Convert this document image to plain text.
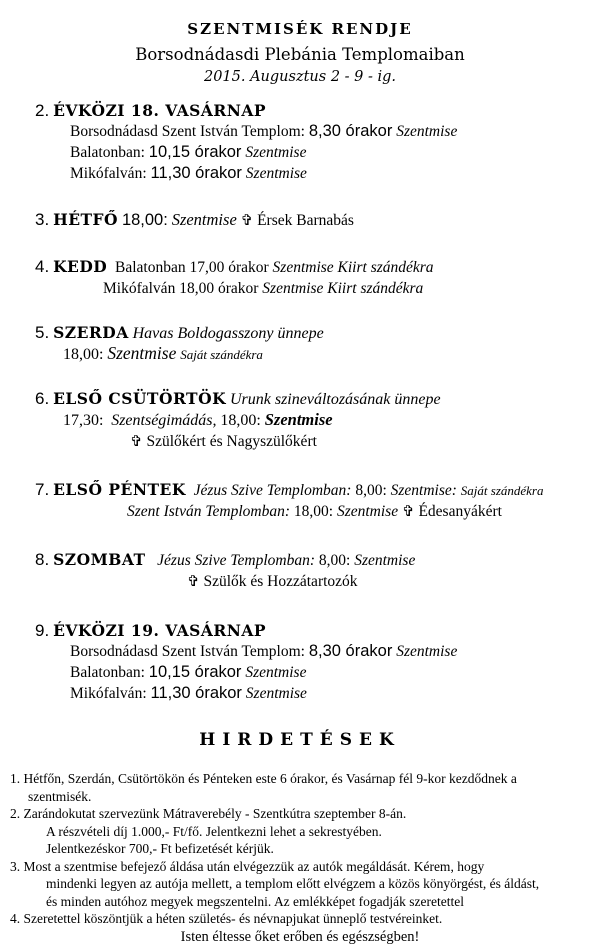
SZENTMISÉK RENDJE
Borsodnádasdi Plebánia Templomaiban
2015. Augusztus 2 - 9 - ig.
2. ÉVKÖZI 18. VASÁRNAP
Borsodnádasd Szent István Templom: 8,30 órakor Szentmise
Balatonban: 10,15 órakor Szentmise
Mikófalván: 11,30 órakor Szentmise
3. HÉTFŐ 18,00: Szentmise ✞ Érsek Barnabás
4. KEDD Balatonban 17,00 órakor Szentmise Kiirt szándékra
Mikófalván 18,00 órakor Szentmise Kiirt szándékra
5. SZERDA Havas Boldogasszony ünnepe
18,00: Szentmise Saját szándékra
6. ELSŐ CSÜTÖRTÖK Urunk szineváltozásának ünnepe
17,30: Szentségimádás, 18,00: Szentmise
✞ Szülőkért és Nagyszülőkért
7. ELSŐ PÉNTEK Jézus Szive Templomban: 8,00: Szentmise: Saját szándékra
Szent István Templomban: 18,00: Szentmise ✞ Édesanyákért
8. SZOMBAT Jézus Szive Templomban: 8,00: Szentmise
✞ Szülők és Hozzátartozók
9. ÉVKÖZI 19. VASÁRNAP
Borsodnádasd Szent István Templom: 8,30 órakor Szentmise
Balatonban: 10,15 órakor Szentmise
Mikófalván: 11,30 órakor Szentmise
HIRDETÉSEK
1. Hétfőn, Szerdán, Csütörtökön és Pénteken este 6 órakor, és Vasárnap fél 9-kor kezdődnek a
szentmisék.
2. Zarándokutat szervezünk Mátraverebély - Szentkútra szeptember 8-án.
A részvételi díj 1.000,- Ft/fő. Jelentkezni lehet a sekrestyében.
Jelentkezéskor 700,- Ft befizetését kérjük.
3. Most a szentmise befejező áldása után elvégezzük az autók megáldását. Kérem, hogy
mindenki legyen az autója mellett, a templom előtt elvégzem a közös könyörgést, és áldást,
és minden autóhoz megyek megszentelni. Az emlékképet fogadják szeretettel
4. Szeretettel köszöntjük a héten születés- és névnapjukat ünneplő testvéreinket.
Isten éltesse őket erőben és egészségben!
